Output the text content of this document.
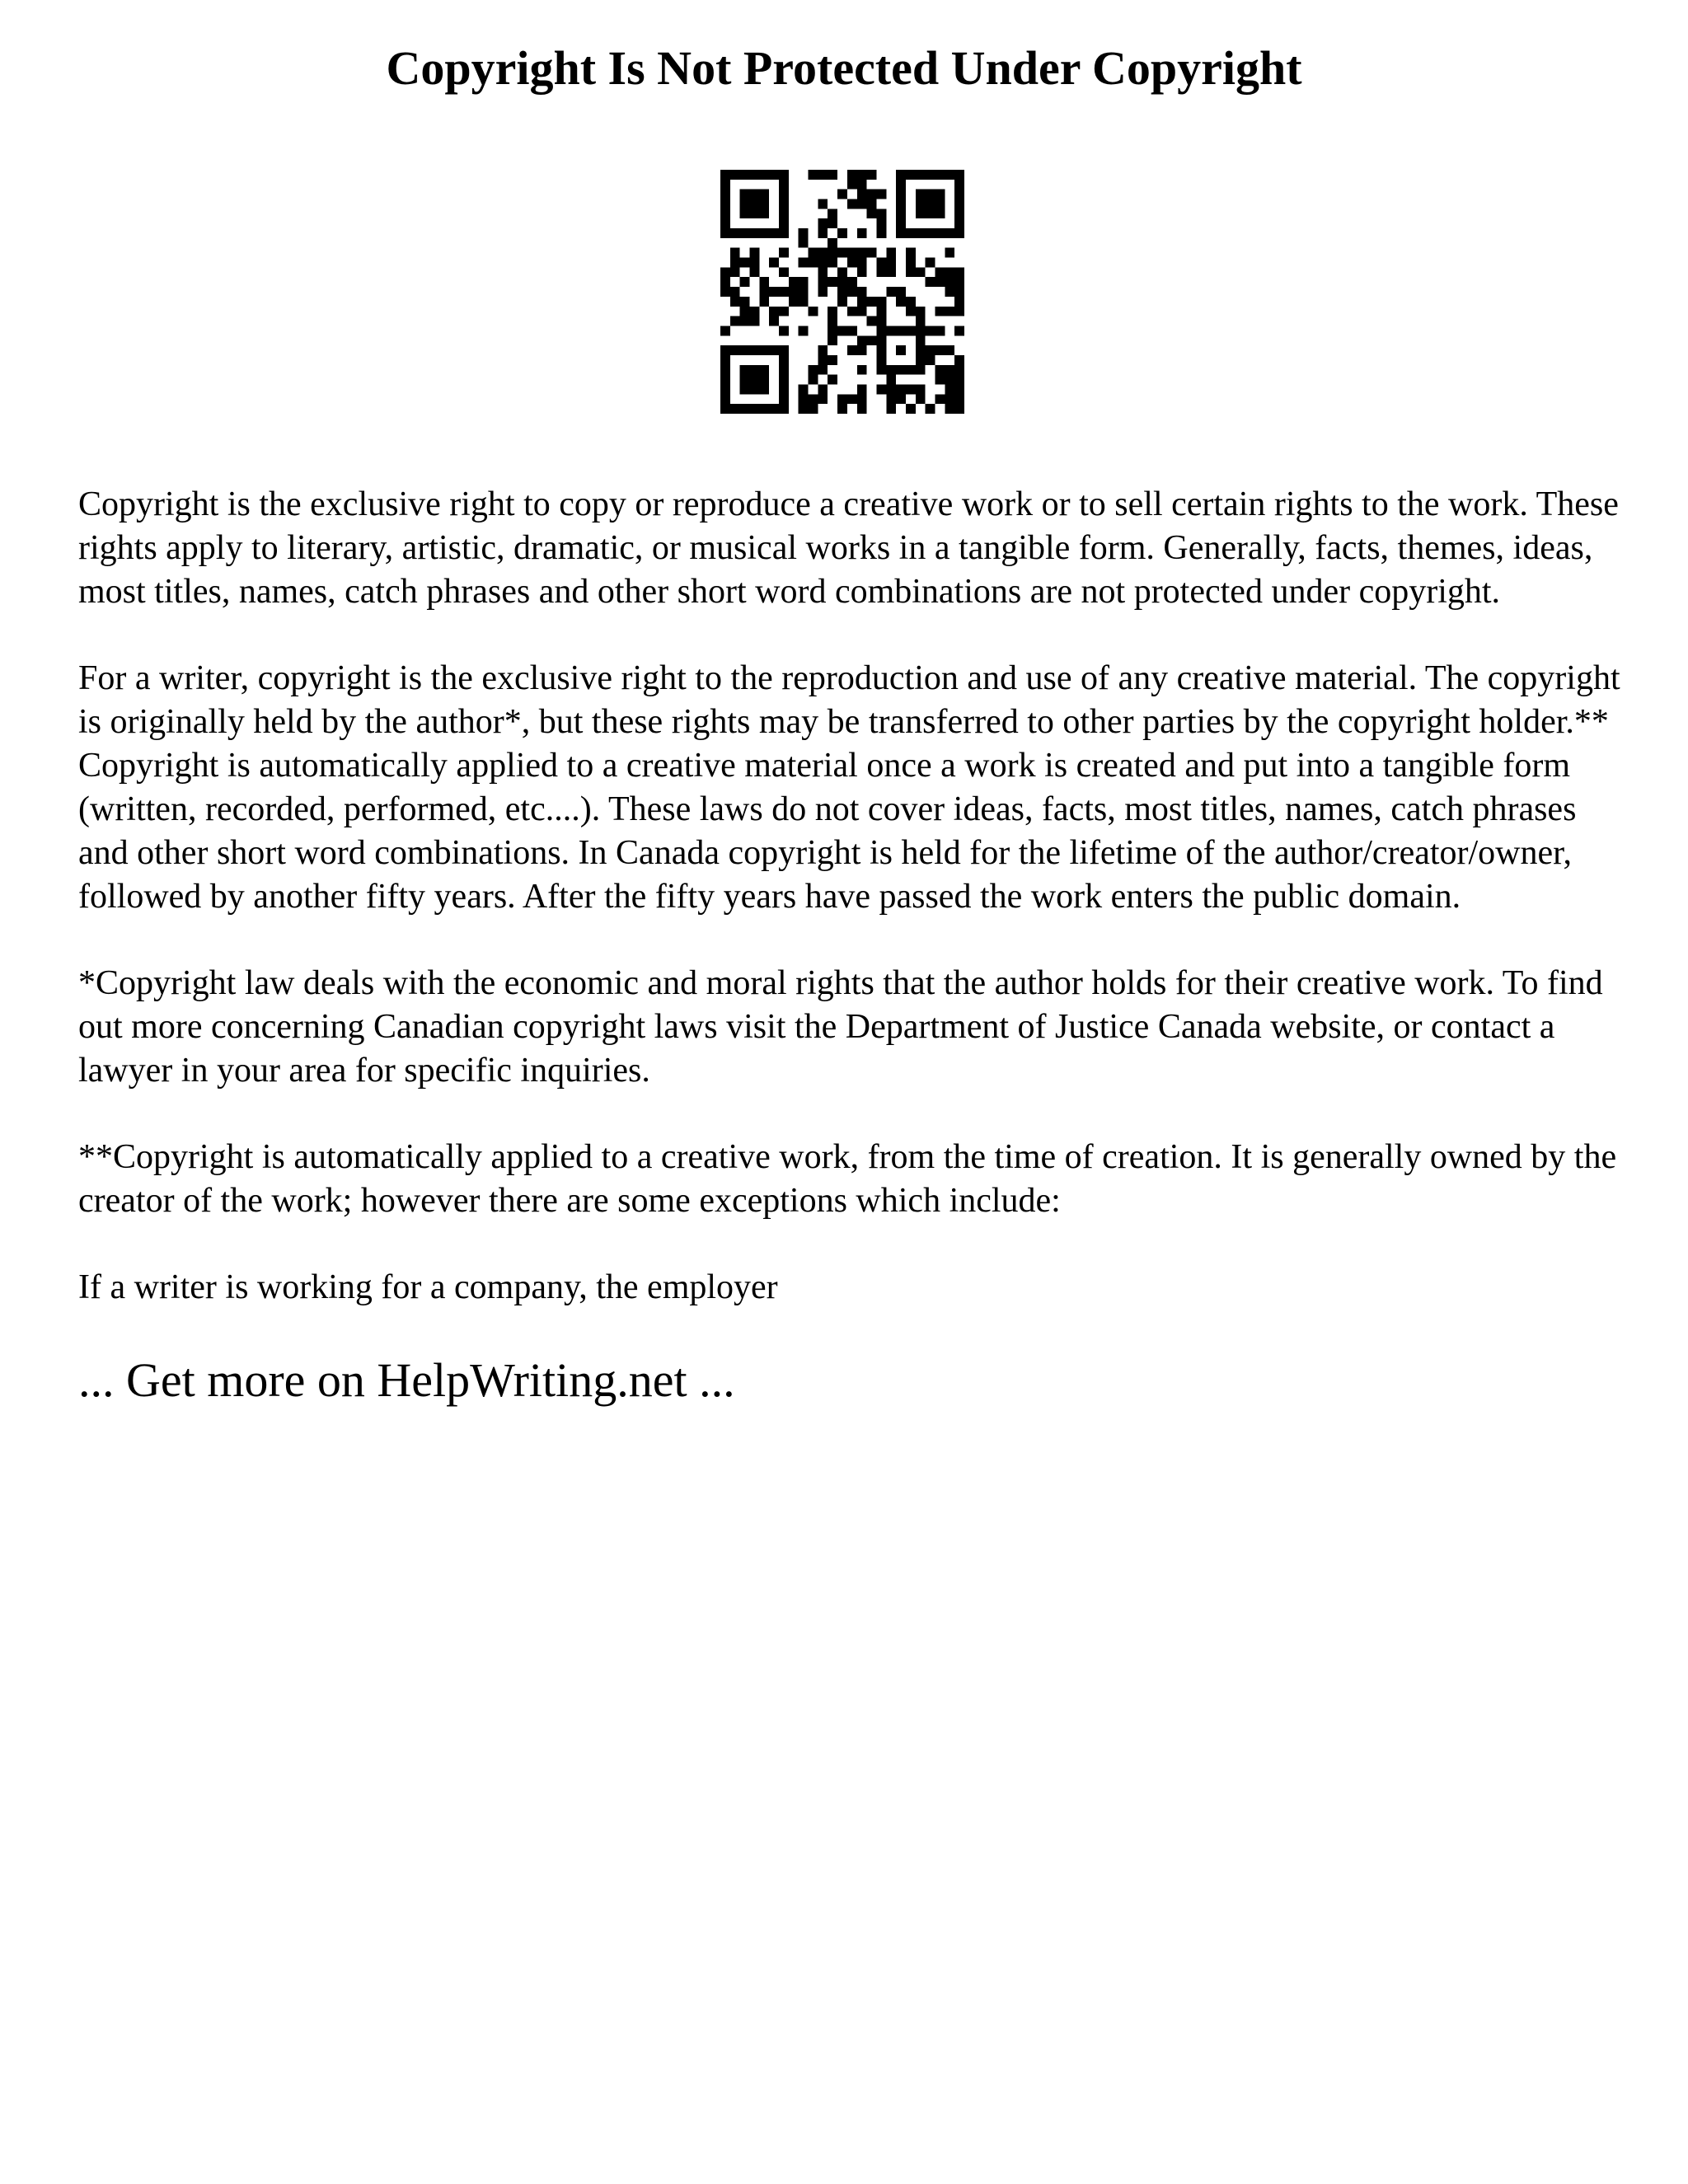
Copyright Is Not Protected Under Copyright

Copyright is the exclusive right to copy or reproduce a creative work or to sell certain rights to the work. These rights apply to literary, artistic, dramatic, or musical works in a tangible form. Generally, facts, themes, ideas, most titles, names, catch phrases and other short word combinations are not protected under copyright.

For a writer, copyright is the exclusive right to the reproduction and use of any creative material. The copyright is originally held by the author*, but these rights may be transferred to other parties by the copyright holder.** Copyright is automatically applied to a creative material once a work is created and put into a tangible form (written, recorded, performed, etc....). These laws do not cover ideas, facts, most titles, names, catch phrases and other short word combinations. In Canada copyright is held for the lifetime of the author/creator/owner, followed by another fifty years. After the fifty years have passed the work enters the public domain.

*Copyright law deals with the economic and moral rights that the author holds for their creative work. To find out more concerning Canadian copyright laws visit the Department of Justice Canada website, or contact a lawyer in your area for specific inquiries.

**Copyright is automatically applied to a creative work, from the time of creation. It is generally owned by the creator of the work; however there are some exceptions which include:

If a writer is working for a company, the employer

... Get more on HelpWriting.net ...
